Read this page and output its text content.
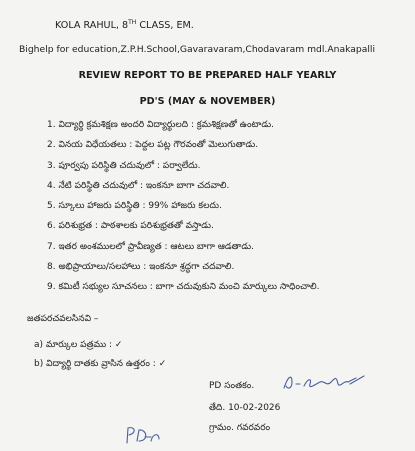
KOLA RAHUL, 8TH CLASS, EM.
Bighelp for education,Z.P.H.School,Gavaravaram,Chodavaram mdl.Anakapalli
REVIEW REPORT TO BE PREPARED HALF YEARLY
PD'S (MAY & NOVEMBER)
1. విద్యార్థి క్రమశిక్షణ అందరి విద్యార్థులది : క్రమశిక్షణతో ఉంటాడు.
2. వినయ విధేయతలు : పెద్దల పట్ల గౌరవంతో మెలుగుతాడు.
3. పూర్వపు పరిస్థితి చదువులో : పర్వాలేదు.
4. నేటి పరిస్థితి చదువులో : ఇంకనూ బాగా చదవాలి.
5. స్కూలు హాజరు పరిస్థితి : 99% హాజరు కలదు.
6. పరిశుభ్రత : పాఠశాలకు పరిశుభ్రతతో వస్తాడు.
7. ఇతర అంశములలో ప్రావీణ్యత : ఆటలు బాగా ఆడతాడు.
8. అభిప్రాయాలు/సలహాలు : ఇంకనూ శ్రద్ధగా చదవాలి.
9. కమిటీ సభ్యుల సూచనలు : బాగా చదువుకుని మంచి మార్కులు సాధించాలి.
జతపరచవలసినవి –
a) మార్కుల పత్రము : ✓
b) విద్యార్థి దాతకు వ్రాసిన ఉత్తరం : ✓
PD సంతకం.
తేది. 10-02-2026
గ్రామం. గవరవరం
